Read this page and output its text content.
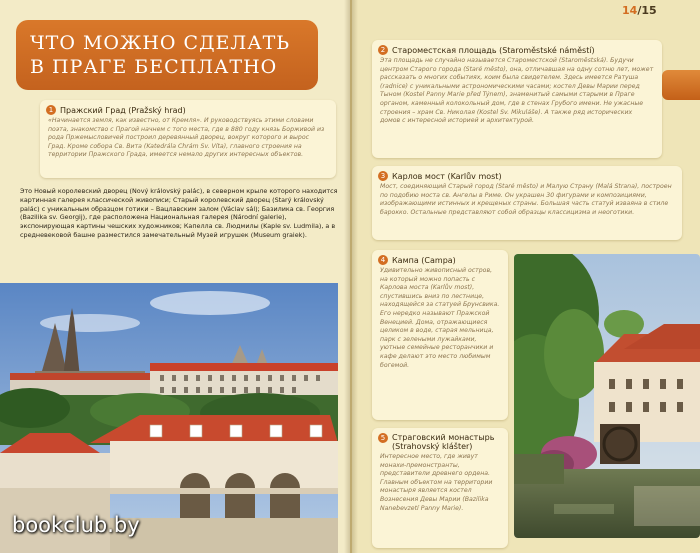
ЧТО МОЖНО СДЕЛАТЬ
В ПРАГЕ БЕСПЛАТНО
14/15
1 Пражский Град (Pražský hrad)
«Начинается земля, как известно, от Кремля». И руководствуясь этими словами поэта, знакомство с Прагой начнем с того места, где в 880 году князь Борживой из рода Пржемысловичей построил деревянный дворец, вокруг которого и вырос Град. Кроме собора Св. Вита (Katedrála Chrám Sv. Víta), главного строения на территории Пражского Града, имеется немало других интересных объектов.
Это Новый королевский дворец (Nový královský palác), в северном крыле которого находится картинная галерея классической живописи; Старый королевский дворец (Starý královský palác) с уникальным образцом готики – Вацлавским залом (Václav sál); Базилика св. Георгия (Bazilika sv. Georgij), где расположена Национальная галерея (Národní galerie), экспонирующая картины чешских художников; Капелла св. Людмилы (Kaple sv. Ludmila), а в средневековой башне разместился замечательный Музей игрушек (Museum graiek).
2 Староместская площадь (Staroměstské náměstí)
Эта площадь не случайно называется Староместской (Staroměstská). Будучи центром Старого города (Staré město), она, отличавшая на одну сотню лет, может рассказать о многих событиях, коим была свидетелем. Здесь имеется Ратуша (radnice) с уникальными астрономическими часами; костел Девы Марии перед Тыном (Kostel Panny Marie před Týnem), знаменитый самыми старыми в Праге органом, каменный колокольный дом, где в стенах Грубого имени. Не ужасные строения – храм Св. Николая (Kostel Sv. Mikuláše). А также ряд исторических домов с интересной историей и архитектурой.
3 Карлов мост (Karlův most)
Мост, соединяющий Старый город (Staré město) и Малую Страну (Malá Strana), построен по подобию моста св. Ангелы в Риме. Он украшен 30 фигурами и композициями, изображающими истинных и крещеных страны. Большая часть статуй изваяна в стиле барокко. Остальные представляют собой образцы классицизма и неоготики.
4 Кампа (Campa)
Удивительно живописный остров, на который можно попасть с Карлова моста (Karlův most), спустившись вниз по лестнице, находящейся за статуей Брунсвика. Его нередко называют Пражской Венецией. Дома, отражающиеся целиком в воде, старая мельница, парк с зелеными лужайками, уютные семейные ресторанчики и кафе делают это место любимым богемой.
5 Страговский монастырь (Strahovský klášter)
Интересное место, где живут монахи-премонстранты, представители древнего ордена. Главным объектом на территории монастыря является костел Вознесения Девы Марии (Bazilika Nanebevzetí Panny Marie).
bookclub.by
